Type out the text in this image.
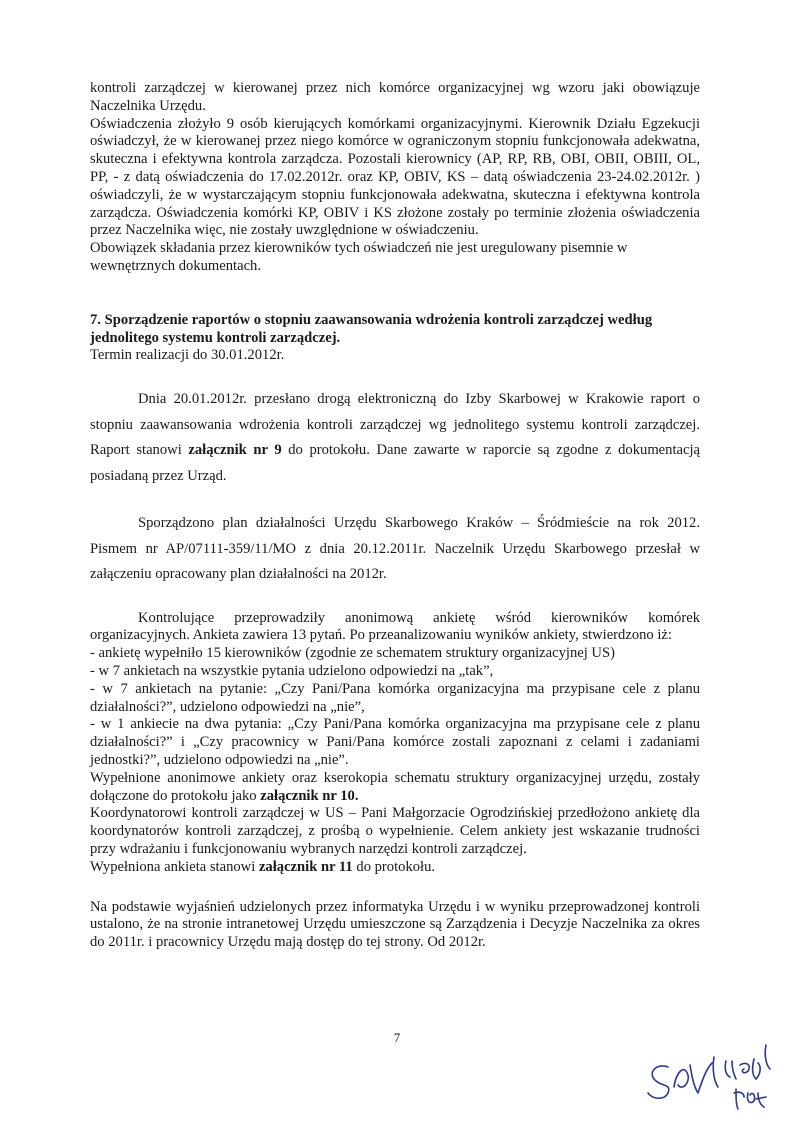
kontroli zarządczej w kierowanej przez nich komórce organizacyjnej wg wzoru jaki obowiązuje Naczelnika Urzędu.

Oświadczenia złożyło 9 osób kierujących komórkami organizacyjnymi. Kierownik Działu Egzekucji oświadczył, że w kierowanej przez niego komórce w ograniczonym stopniu funkcjonowała adekwatna, skuteczna i efektywna kontrola zarządcza. Pozostali kierownicy (AP, RP, RB, OBI, OBII, OBIII, OL, PP, - z datą oświadczenia do 17.02.2012r. oraz KP, OBIV, KS – datą oświadczenia 23-24.02.2012r. ) oświadczyli, że w wystarczającym stopniu funkcjonowała adekwatna, skuteczna i efektywna kontrola zarządcza. Oświadczenia komórki KP, OBIV i KS złożone zostały po terminie złożenia oświadczenia przez Naczelnika więc, nie zostały uwzględnione w oświadczeniu.

Obowiązek składania przez kierowników tych oświadczeń nie jest uregulowany pisemnie w wewnętrznych dokumentach.

7. Sporządzenie raportów o stopniu zaawansowania wdrożenia kontroli zarządczej według jednolitego systemu kontroli zarządczej.

Termin realizacji do 30.01.2012r.

Dnia 20.01.2012r. przesłano drogą elektroniczną do Izby Skarbowej w Krakowie raport o stopniu zaawansowania wdrożenia kontroli zarządczej wg jednolitego systemu kontroli zarządczej. Raport stanowi załącznik nr 9 do protokołu. Dane zawarte w raporcie są zgodne z dokumentacją posiadaną przez Urząd.

Sporządzono plan działalności Urzędu Skarbowego Kraków – Śródmieście na rok 2012. Pismem nr AP/07111-359/11/MO z dnia 20.12.2011r. Naczelnik Urzędu Skarbowego przesłał w załączeniu opracowany plan działalności na 2012r.

Kontrolujące przeprowadziły anonimową ankietę wśród kierowników komórek organizacyjnych. Ankieta zawiera 13 pytań. Po przeanalizowaniu wyników ankiety, stwierdzono iż:

- ankietę wypełniło 15 kierowników (zgodnie ze schematem struktury organizacyjnej US)

- w 7 ankietach na wszystkie pytania udzielono odpowiedzi na „tak”,

- w 7 ankietach na pytanie: „Czy Pani/Pana komórka organizacyjna ma przypisane cele z planu działalności?”, udzielono odpowiedzi na „nie”,

- w 1 ankiecie na dwa pytania: „Czy Pani/Pana komórka organizacyjna ma przypisane cele z planu działalności?” i „Czy pracownicy w Pani/Pana komórce zostali zapoznani z celami i zadaniami jednostki?”, udzielono odpowiedzi na „nie”.

Wypełnione anonimowe ankiety oraz kserokopia schematu struktury organizacyjnej urzędu, zostały dołączone do protokołu jako załącznik nr 10.

Koordynatorowi kontroli zarządczej w US – Pani Małgorzacie Ogrodzińskiej przedłożono ankietę dla koordynatorów kontroli zarządczej, z prośbą o wypełnienie. Celem ankiety jest wskazanie trudności przy wdrażaniu i funkcjonowaniu wybranych narzędzi kontroli zarządczej.

Wypełniona ankieta stanowi załącznik nr 11 do protokołu.

Na podstawie wyjaśnień udzielonych przez informatyka Urzędu i w wyniku przeprowadzonej kontroli ustalono, że na stronie intranetowej Urzędu umieszczone są Zarządzenia i Decyzje Naczelnika za okres do 2011r. i pracownicy Urzędu mają dostęp do tej strony. Od 2012r.

7
